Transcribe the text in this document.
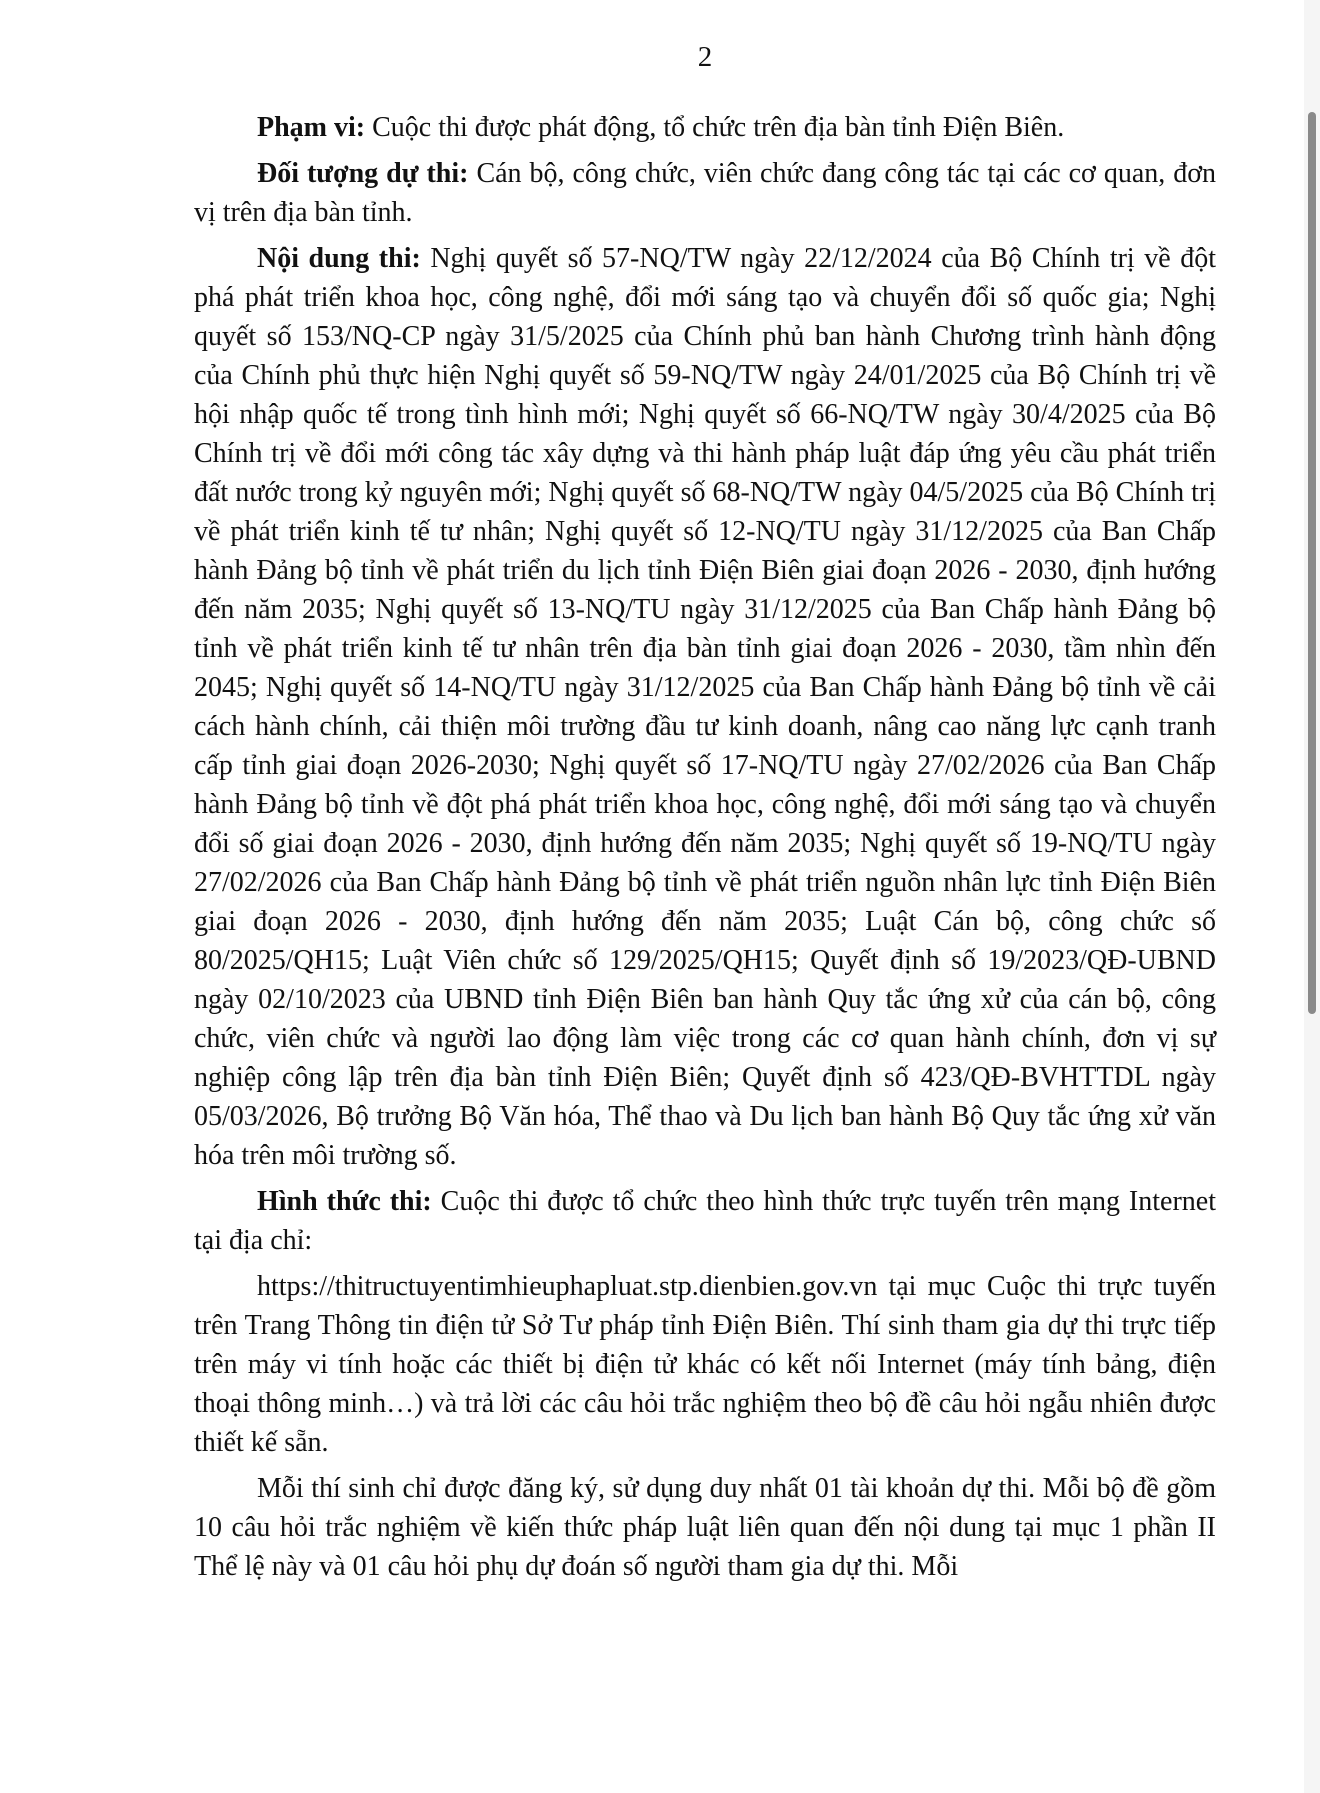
2

Phạm vi: Cuộc thi được phát động, tổ chức trên địa bàn tỉnh Điện Biên.

Đối tượng dự thi: Cán bộ, công chức, viên chức đang công tác tại các cơ quan, đơn vị trên địa bàn tỉnh.

Nội dung thi: Nghị quyết số 57-NQ/TW ngày 22/12/2024 của Bộ Chính trị về đột phá phát triển khoa học, công nghệ, đổi mới sáng tạo và chuyển đổi số quốc gia; Nghị quyết số 153/NQ-CP ngày 31/5/2025 của Chính phủ ban hành Chương trình hành động của Chính phủ thực hiện Nghị quyết số 59-NQ/TW ngày 24/01/2025 của Bộ Chính trị về hội nhập quốc tế trong tình hình mới; Nghị quyết số 66-NQ/TW ngày 30/4/2025 của Bộ Chính trị về đổi mới công tác xây dựng và thi hành pháp luật đáp ứng yêu cầu phát triển đất nước trong kỷ nguyên mới; Nghị quyết số 68-NQ/TW ngày 04/5/2025 của Bộ Chính trị về phát triển kinh tế tư nhân; Nghị quyết số 12-NQ/TU ngày 31/12/2025 của Ban Chấp hành Đảng bộ tỉnh về phát triển du lịch tỉnh Điện Biên giai đoạn 2026 - 2030, định hướng đến năm 2035; Nghị quyết số 13-NQ/TU ngày 31/12/2025 của Ban Chấp hành Đảng bộ tỉnh về phát triển kinh tế tư nhân trên địa bàn tỉnh giai đoạn 2026 - 2030, tầm nhìn đến 2045; Nghị quyết số 14-NQ/TU ngày 31/12/2025 của Ban Chấp hành Đảng bộ tỉnh về cải cách hành chính, cải thiện môi trường đầu tư kinh doanh, nâng cao năng lực cạnh tranh cấp tỉnh giai đoạn 2026-2030; Nghị quyết số 17-NQ/TU ngày 27/02/2026 của Ban Chấp hành Đảng bộ tỉnh về đột phá phát triển khoa học, công nghệ, đổi mới sáng tạo và chuyển đổi số giai đoạn 2026 - 2030, định hướng đến năm 2035; Nghị quyết số 19-NQ/TU ngày 27/02/2026 của Ban Chấp hành Đảng bộ tỉnh về phát triển nguồn nhân lực tỉnh Điện Biên giai đoạn 2026 - 2030, định hướng đến năm 2035; Luật Cán bộ, công chức số 80/2025/QH15; Luật Viên chức số 129/2025/QH15; Quyết định số 19/2023/QĐ-UBND ngày 02/10/2023 của UBND tỉnh Điện Biên ban hành Quy tắc ứng xử của cán bộ, công chức, viên chức và người lao động làm việc trong các cơ quan hành chính, đơn vị sự nghiệp công lập trên địa bàn tỉnh Điện Biên; Quyết định số 423/QĐ-BVHTTDL ngày 05/03/2026, Bộ trưởng Bộ Văn hóa, Thể thao và Du lịch ban hành Bộ Quy tắc ứng xử văn hóa trên môi trường số.

Hình thức thi: Cuộc thi được tổ chức theo hình thức trực tuyến trên mạng Internet tại địa chỉ:

https://thitructuyentimhieuphapluat.stp.dienbien.gov.vn tại mục Cuộc thi trực tuyến trên Trang Thông tin điện tử Sở Tư pháp tỉnh Điện Biên. Thí sinh tham gia dự thi trực tiếp trên máy vi tính hoặc các thiết bị điện tử khác có kết nối Internet (máy tính bảng, điện thoại thông minh…) và trả lời các câu hỏi trắc nghiệm theo bộ đề câu hỏi ngẫu nhiên được thiết kế sẵn.

Mỗi thí sinh chỉ được đăng ký, sử dụng duy nhất 01 tài khoản dự thi. Mỗi bộ đề gồm 10 câu hỏi trắc nghiệm về kiến thức pháp luật liên quan đến nội dung tại mục 1 phần II Thể lệ này và 01 câu hỏi phụ dự đoán số người tham gia dự thi. Mỗi
